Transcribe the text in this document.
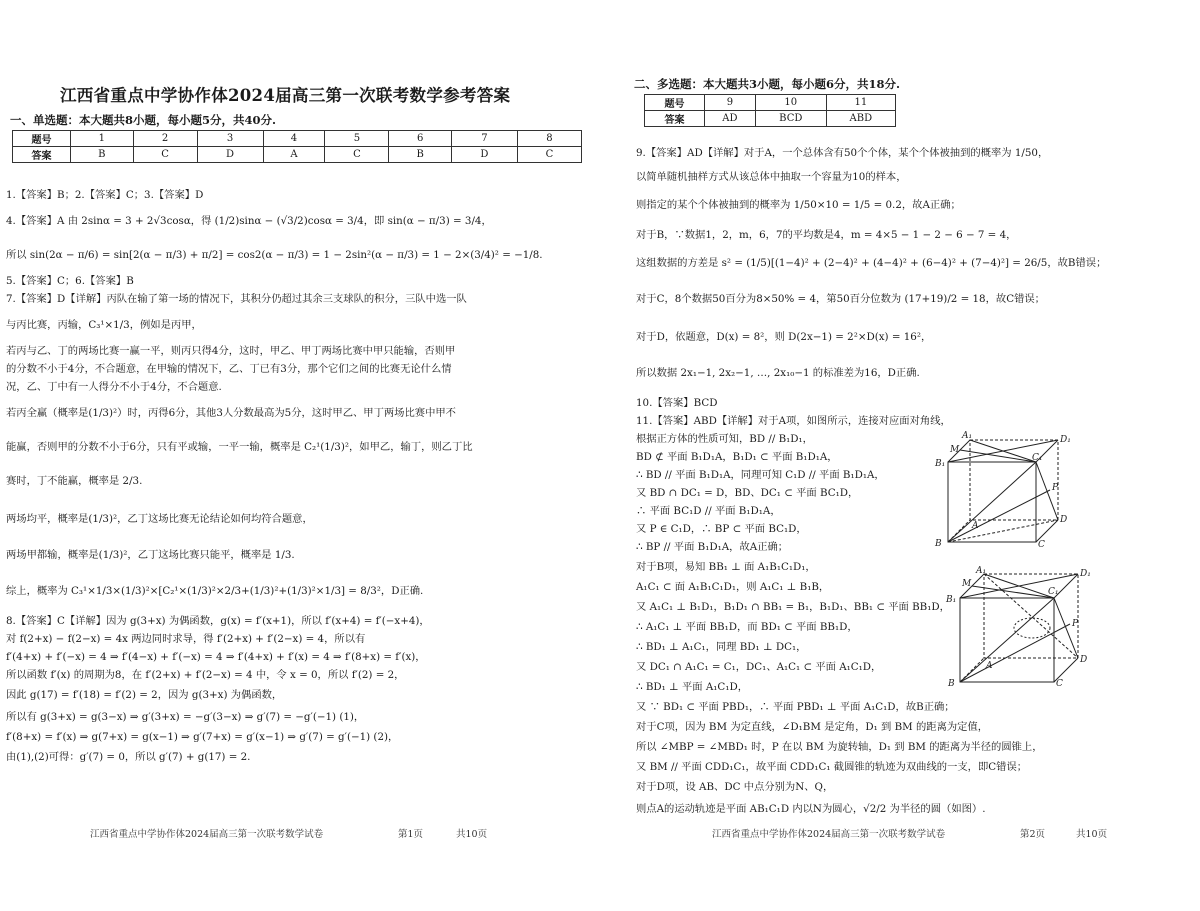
江西省重点中学协作体2024届高三第一次联考数学参考答案
一、单选题：本大题共8小题，每小题5分，共40分.
题号	1	2	3	4	5	6	7	8
答案	B	C	D	A	C	B	D	C
1.【答案】B；2.【答案】C；3.【答案】D
4.【答案】A 由 2sinα = 3 + 2√3cosα，得 (1/2)sinα − (√3/2)cosα = 3/4，即 sin(α − π/3) = 3/4，
所以 sin(2α − π/6) = sin[2(α − π/3) + π/2] = cos2(α − π/3) = 1 − 2sin²(α − π/3) = 1 − 2×(3/4)² = −1/8.
5.【答案】C；6.【答案】B
7.【答案】D【详解】丙队在输了第一场的情况下，其积分仍超过其余三支球队的积分，三队中选一队
与丙比赛，丙输，C₃¹×1/3，例如是丙甲，
若丙与乙、丁的两场比赛一赢一平，则丙只得4分，这时，甲乙、甲丁两场比赛中甲只能输，否则甲
的分数不小于4分，不合题意，在甲输的情况下，乙、丁已有3分，那个它们之间的比赛无论什么情
况，乙、丁中有一人得分不小于4分，不合题意.
若丙全赢（概率是(1/3)²）时，丙得6分，其他3人分数最高为5分，这时甲乙、甲丁两场比赛中甲不
能赢，否则甲的分数不小于6分，只有平或输，一平一输，概率是 C₂¹(1/3)²，如甲乙，输丁，则乙丁比
赛时，丁不能赢，概率是 2/3.
两场均平，概率是(1/3)²，乙丁这场比赛无论结论如何均符合题意，
两场甲都输，概率是(1/3)²，乙丁这场比赛只能平，概率是 1/3.
综上，概率为 C₃¹×1/3×(1/3)²×[C₂¹×(1/3)²×2/3+(1/3)²+(1/3)²×1/3] = 8/3²，D正确.
8.【答案】C【详解】因为 g(3+x) 为偶函数，g(x) = f′(x+1)，所以 f′(x+4) = f′(−x+4)，
对 f(2+x) − f(2−x) = 4x 两边同时求导，得 f′(2+x) + f′(2−x) = 4，所以有
f′(4+x) + f′(−x) = 4 ⇒ f′(4−x) + f′(−x) = 4 ⇒ f′(4+x) + f′(x) = 4 ⇒ f′(8+x) = f′(x)，
所以函数 f′(x) 的周期为8，在 f′(2+x) + f′(2−x) = 4 中，令 x = 0，所以 f′(2) = 2，
因此 g(17) = f′(18) = f′(2) = 2，因为 g(3+x) 为偶函数，
所以有 g(3+x) = g(3−x) ⇒ g′(3+x) = −g′(3−x) ⇒ g′(7) = −g′(−1) (1)，
f′(8+x) = f′(x) ⇒ g(7+x) = g(x−1) ⇒ g′(7+x) = g′(x−1) ⇒ g′(7) = g′(−1) (2)，
由(1),(2)可得：g′(7) = 0，所以 g′(7) + g(17) = 2.
江西省重点中学协作体2024届高三第一次联考数学试卷	第1页	共10页
二、多选题：本大题共3小题，每小题6分，共18分.
题号	9	10	11
答案	AD	BCD	ABD
9.【答案】AD【详解】对于A，一个总体含有50个个体，某个个体被抽到的概率为 1/50，
以简单随机抽样方式从该总体中抽取一个容量为10的样本，
则指定的某个个体被抽到的概率为 1/50×10 = 1/5 = 0.2，故A正确；
对于B，∵数据1，2，m，6，7的平均数是4，m = 4×5 − 1 − 2 − 6 − 7 = 4，
这组数据的方差是 s² = (1/5)[(1−4)² + (2−4)² + (4−4)² + (6−4)² + (7−4)²] = 26/5，故B错误；
对于C，8个数据50百分为8×50% = 4，第50百分位数为 (17+19)/2 = 18，故C错误；
对于D，依题意，D(x) = 8²，则 D(2x−1) = 2²×D(x) = 16²，
所以数据 2x₁−1, 2x₂−1, …, 2x₁₀−1 的标准差为16，D正确.
10.【答案】BCD
11.【答案】ABD【详解】对于A项，如图所示，连接对应面对角线，
根据正方体的性质可知，BD // B₁D₁，
BD ⊄ 平面 B₁D₁A，B₁D₁ ⊂ 平面 B₁D₁A，
∴ BD // 平面 B₁D₁A，同理可知 C₁D // 平面 B₁D₁A，
又 BD ∩ DC₁ = D，BD、DC₁ ⊂ 平面 BC₁D，
∴ 平面 BC₁D // 平面 B₁D₁A，
又 P ∈ C₁D，∴ BP ⊂ 平面 BC₁D，
∴ BP // 平面 B₁D₁A，故A正确；
对于B项，易知 BB₁ ⊥ 面 A₁B₁C₁D₁，
A₁C₁ ⊂ 面 A₁B₁C₁D₁，则 A₁C₁ ⊥ B₁B，
又 A₁C₁ ⊥ B₁D₁，B₁D₁ ∩ BB₁ = B₁，B₁D₁、BB₁ ⊂ 平面 BB₁D，
∴ A₁C₁ ⊥ 平面 BB₁D，而 BD₁ ⊂ 平面 BB₁D，
∴ BD₁ ⊥ A₁C₁，同理 BD₁ ⊥ DC₁，
又 DC₁ ∩ A₁C₁ = C₁，DC₁、A₁C₁ ⊂ 平面 A₁C₁D，
∴ BD₁ ⊥ 平面 A₁C₁D，
又 ∵ BD₁ ⊂ 平面 PBD₁，∴ 平面 PBD₁ ⊥ 平面 A₁C₁D，故B正确；
对于C项，因为 BM 为定直线，∠D₁BM 是定角，D₁ 到 BM 的距离为定值，
所以 ∠MBP = ∠MBD₁ 时，P 在以 BM 为旋转轴，D₁ 到 BM 的距离为半径的圆锥上，
又 BM // 平面 CDD₁C₁，故平面 CDD₁C₁ 截圆锥的轨迹为双曲线的一支，即C错误；
对于D项，设 AB、DC 中点分别为N、Q，
则点A的运动轨迹是平面 AB₁C₁D 内以N为圆心，√2/2 为半径的圆（如图）.
A₁	D₁
B₁
C₁
M
P
A
D
B	C
A₁	D₁
B₁
C₁
M
P
A
D
B	C
江西省重点中学协作体2024届高三第一次联考数学试卷	第2页	共10页
